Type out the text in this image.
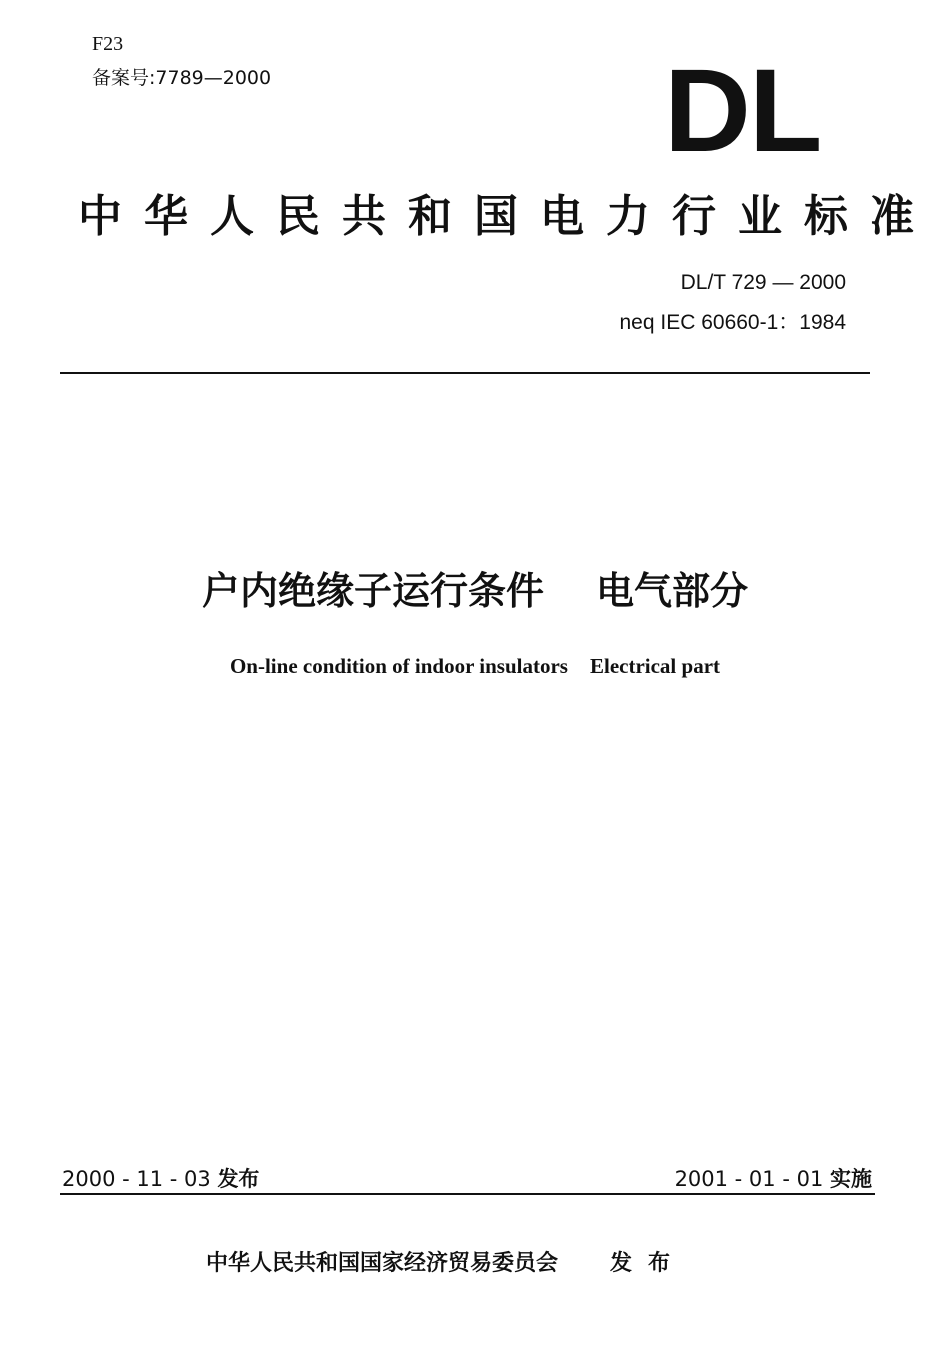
F23
备案号:7789—2000	DL
中华人民共和国电力行业标准
DL/T 729 — 2000
neq IEC 60660-1：1984
户内绝缘子运行条件 电气部分
On-line condition of indoor insulators Electrical part
2000 - 11 - 03 发布	2001 - 01 - 01 实施
中华人民共和国国家经济贸易委员会 发布
